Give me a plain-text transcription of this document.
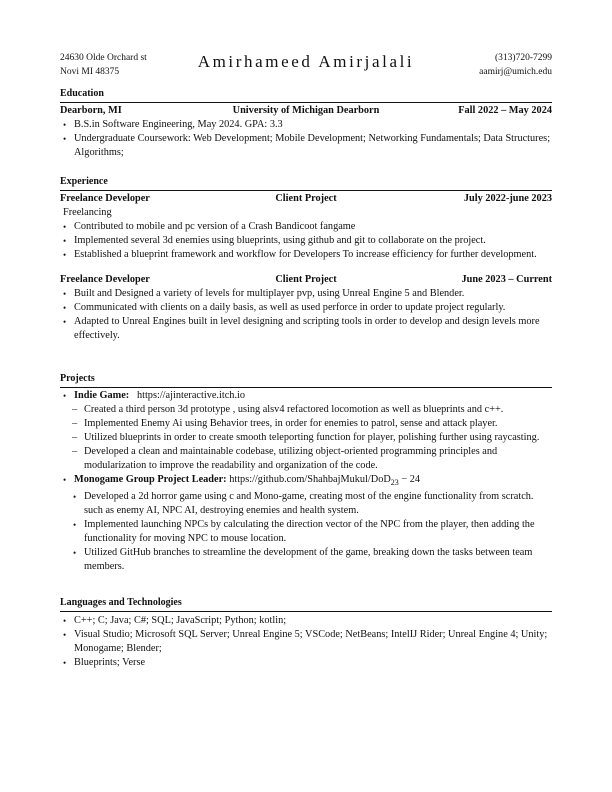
24630 Olde Orchard st
Novi MI 48375
Amirhameed Amirjalali	(313)720-7299
aamirj@umich.edu
Education
Dearborn, MI	University of Michigan Dearborn	Fall 2022 – May 2024
• B.S.in Software Engineering, May 2024. GPA: 3.3
• Undergraduate Coursework: Web Development; Mobile Development; Networking Fundamentals; Data Structures; Algorithms;
Experience
Freelance Developer	Client Project	July 2022-june 2023
Freelancing
• Contributed to mobile and pc version of a Crash Bandicoot fangame
• Implemented several 3d enemies using blueprints, using github and git to collaborate on the project.
• Established a blueprint framework and workflow for Developers To increase efficiency for further development.
Freelance Developer	Client Project	June 2023 – Current
• Built and Designed a variety of levels for multiplayer pvp, using Unreal Engine 5 and Blender.
• Communicated with clients on a daily basis, as well as used perforce in order to update project regularly.
• Adapted to Unreal Engines built in level designing and scripting tools in order to develop and design levels more effectively.
Projects
• Indie Game: https://ajinteractive.itch.io
– Created a third person 3d prototype , using alsv4 refactored locomotion as well as blueprints and c++.
– Implemented Enemy Ai using Behavior trees, in order for enemies to patrol, sense and attack player.
– Utilized blueprints in order to create smooth teleporting function for player, polishing further using raycasting.
– Developed a clean and maintainable codebase, utilizing object-oriented programming principles and modularization to improve the readability and organization of the code.
• Monogame Group Project Leader: https://github.com/ShahbajMukul/DoD$_{23}$ − 24
• Developed a 2d horror game using c and Mono-game, creating most of the engine functionality from scratch. such as enemy AI, NPC AI, destroying enemies and health system.
• Implemented launching NPCs by calculating the direction vector of the NPC from the player, then adding the functionality for moving NPC to mouse location.
• Utilized GitHub branches to streamline the development of the game, breaking down the tasks between team members.
Languages and Technologies
• C++; C; Java; C#; SQL; JavaScript; Python; kotlin;
• Visual Studio; Microsoft SQL Server; Unreal Engine 5; VSCode; NetBeans; IntelIJ Rider; Unreal Engine 4; Unity; Monogame; Blender;
• Blueprints; Verse
